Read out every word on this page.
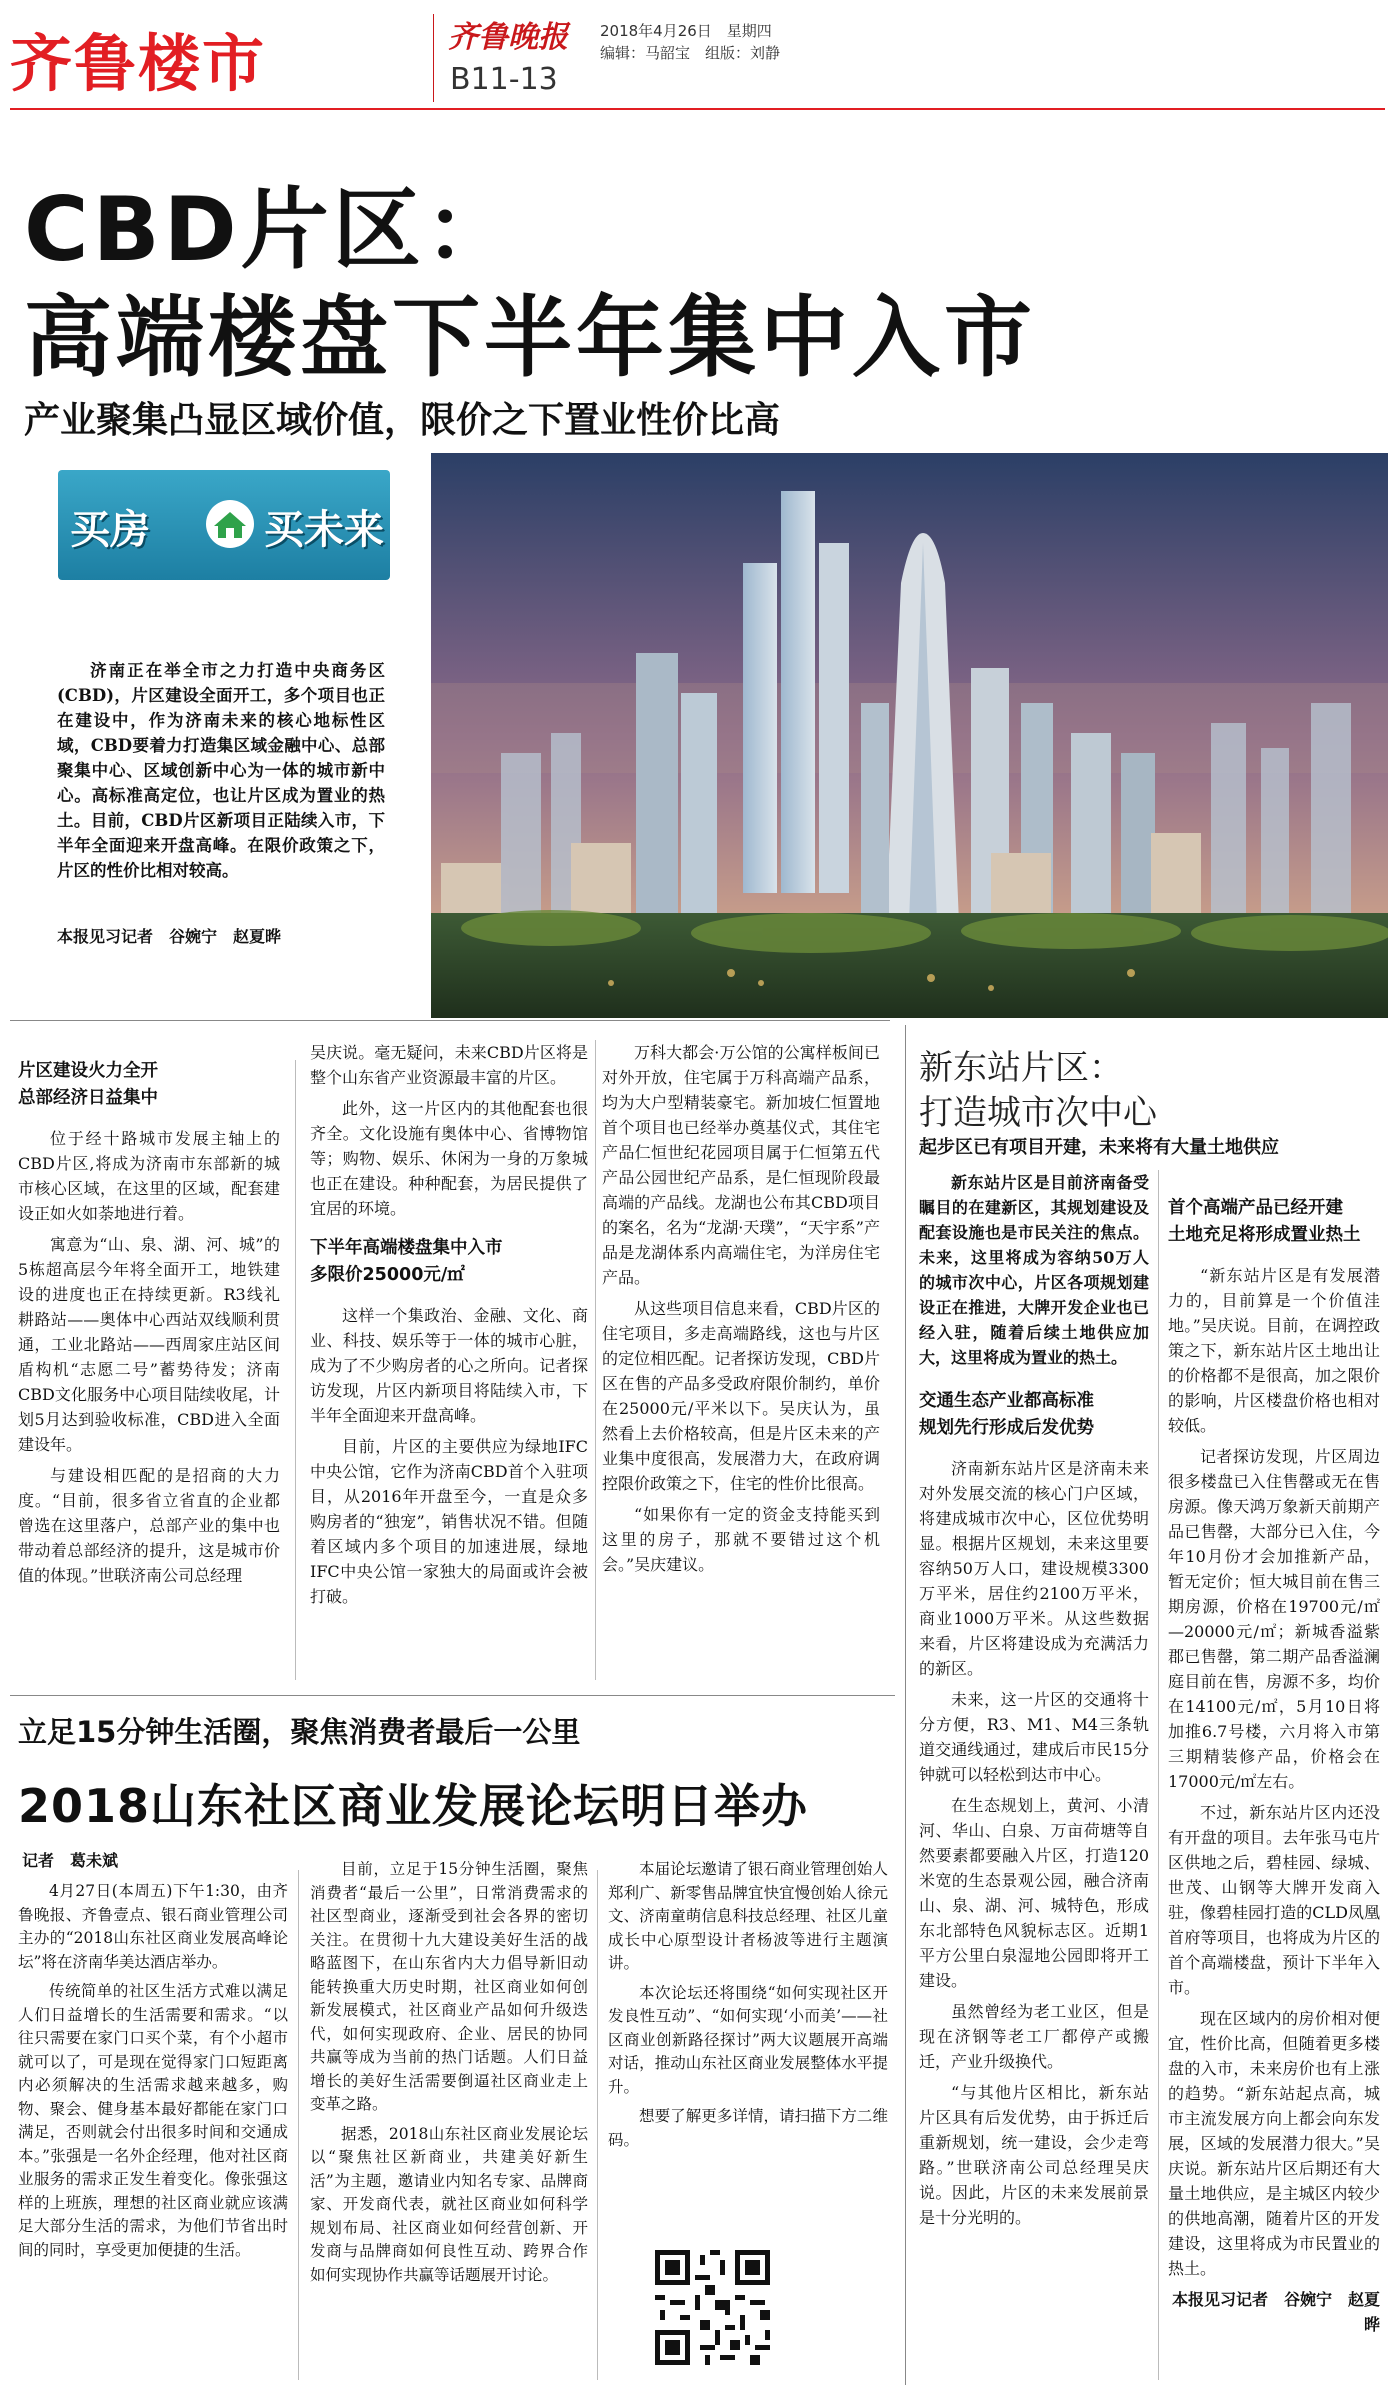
齐鲁楼市	齐鲁晚报
B11-13
2018年4月26日　星期四
编辑：马韶宝　组版：刘静
CBD片区：
高端楼盘下半年集中入市
产业聚集凸显区域价值，限价之下置业性价比高
买房	买未来

济南正在举全市之力打造中央商务区(CBD)，片区建设全面开工，多个项目也正在建设中，作为济南未来的核心地标性区域，CBD要着力打造集区域金融中心、总部聚集中心、区域创新中心为一体的城市新中心。高标准高定位，也让片区成为置业的热土。目前，CBD片区新项目正陆续入市，下半年全面迎来开盘高峰。在限价政策之下，片区的性价比相对较高。

本报见习记者　谷婉宁　赵夏晔
片区建设火力全开
总部经济日益集中

位于经十路城市发展主轴上的CBD片区,将成为济南市东部新的城市核心区域，在这里的区域，配套建设正如火如荼地进行着。

寓意为“山、泉、湖、河、城”的5栋超高层今年将全面开工，地铁建设的进度也正在持续更新。R3线礼耕路站——奥体中心西站双线顺利贯通，工业北路站——西周家庄站区间盾构机“志愿二号”蓄势待发；济南CBD文化服务中心项目陆续收尾，计划5月达到验收标准，CBD进入全面建设年。

与建设相匹配的是招商的大力度。“目前，很多省立省直的企业都曾选在这里落户，总部产业的集中也带动着总部经济的提升，这是城市价值的体现。”世联济南公司总经理

吴庆说。毫无疑问，未来CBD片区将是整个山东省产业资源最丰富的片区。

此外，这一片区内的其他配套也很齐全。文化设施有奥体中心、省博物馆等；购物、娱乐、休闲为一身的万象城也正在建设。种种配套，为居民提供了宜居的环境。

下半年高端楼盘集中入市
多限价25000元/㎡

这样一个集政治、金融、文化、商业、科技、娱乐等于一体的城市心脏，成为了不少购房者的心之所向。记者探访发现，片区内新项目将陆续入市，下半年全面迎来开盘高峰。

目前，片区的主要供应为绿地IFC中央公馆，它作为济南CBD首个入驻项目，从2016年开盘至今，一直是众多购房者的“独宠”，销售状况不错。但随着区域内多个项目的加速进展，绿地IFC中央公馆一家独大的局面或许会被打破。

万科大都会·万公馆的公寓样板间已对外开放，住宅属于万科高端产品系，均为大户型精装豪宅。新加坡仁恒置地首个项目也已经举办奠基仪式，其住宅产品仁恒世纪花园项目属于仁恒第五代产品公园世纪产品系，是仁恒现阶段最高端的产品线。龙湖也公布其CBD项目的案名，名为“龙湖·天璞”，“天宇系”产品是龙湖体系内高端住宅，为洋房住宅产品。

从这些项目信息来看，CBD片区的住宅项目，多走高端路线，这也与片区的定位相匹配。记者探访发现，CBD片区在售的产品多受政府限价制约，单价在25000元/平米以下。吴庆认为，虽然看上去价格较高，但是片区未来的产业集中度很高，发展潜力大，在政府调控限价政策之下，住宅的性价比很高。

“如果你有一定的资金支持能买到这里的房子，那就不要错过这个机会。”吴庆建议。

新东站片区：
打造城市次中心
起步区已有项目开建，未来将有大量土地供应

新东站片区是目前济南备受瞩目的在建新区，其规划建设及配套设施也是市民关注的焦点。未来，这里将成为容纳50万人的城市次中心，片区各项规划建设正在推进，大牌开发企业也已经入驻，随着后续土地供应加大，这里将成为置业的热土。

交通生态产业都高标准
规划先行形成后发优势

济南新东站片区是济南未来对外发展交流的核心门户区域，将建成城市次中心，区位优势明显。根据片区规划，未来这里要容纳50万人口，建设规模3300万平米，居住约2100万平米，商业1000万平米。从这些数据来看，片区将建设成为充满活力的新区。

未来，这一片区的交通将十分方便，R3、M1、M4三条轨道交通线通过，建成后市民15分钟就可以轻松到达市中心。

在生态规划上，黄河、小清河、华山、白泉、万亩荷塘等自然要素都要融入片区，打造120米宽的生态景观公园，融合济南山、泉、湖、河、城特色，形成东北部特色风貌标志区。近期1平方公里白泉湿地公园即将开工建设。

虽然曾经为老工业区，但是现在济钢等老工厂都停产或搬迁，产业升级换代。

“与其他片区相比，新东站片区具有后发优势，由于拆迁后重新规划，统一建设，会少走弯路。”世联济南公司总经理吴庆说。因此，片区的未来发展前景是十分光明的。

首个高端产品已经开建
土地充足将形成置业热土

“新东站片区是有发展潜力的，目前算是一个价值洼地。”吴庆说。目前，在调控政策之下，新东站片区土地出让的价格都不是很高，加之限价的影响，片区楼盘价格也相对较低。

记者探访发现，片区周边很多楼盘已入住售罄或无在售房源。像天鸿万象新天前期产品已售罄，大部分已入住，今年10月份才会加推新产品，暂无定价；恒大城目前在售三期房源，价格在19700元/㎡—20000元/㎡；新城香溢紫郡已售罄，第二期产品香溢澜庭目前在售，房源不多，均价在14100元/㎡，5月10日将加推6.7号楼，六月将入市第三期精装修产品，价格会在17000元/㎡左右。

不过，新东站片区内还没有开盘的项目。去年张马屯片区供地之后，碧桂园、绿城、世茂、山钢等大牌开发商入驻，像碧桂园打造的CLD凤凰首府等项目，也将成为片区的首个高端楼盘，预计下半年入市。

现在区域内的房价相对便宜，性价比高，但随着更多楼盘的入市，未来房价也有上涨的趋势。“新东站起点高，城市主流发展方向上都会向东发展，区域的发展潜力很大。”吴庆说。新东站片区后期还有大量土地供应，是主城区内较少的供地高潮，随着片区的开发建设，这里将成为市民置业的热土。

本报见习记者　谷婉宁　赵夏晔

立足15分钟生活圈，聚焦消费者最后一公里
2018山东社区商业发展论坛明日举办
记者　葛未斌

4月27日(本周五)下午1:30，由齐鲁晚报、齐鲁壹点、银石商业管理公司主办的“2018山东社区商业发展高峰论坛”将在济南华美达酒店举办。

传统简单的社区生活方式难以满足人们日益增长的生活需要和需求。“以往只需要在家门口买个菜，有个小超市就可以了，可是现在觉得家门口短距离内必须解决的生活需求越来越多，购物、聚会、健身基本最好都能在家门口满足，否则就会付出很多时间和交通成本。”张强是一名外企经理，他对社区商业服务的需求正发生着变化。像张强这样的上班族，理想的社区商业就应该满足大部分生活的需求，为他们节省出时间的同时，享受更加便捷的生活。

目前，立足于15分钟生活圈，聚焦消费者“最后一公里”，日常消费需求的社区型商业，逐渐受到社会各界的密切关注。在贯彻十九大建设美好生活的战略蓝图下，在山东省内大力倡导新旧动能转换重大历史时期，社区商业如何创新发展模式，社区商业产品如何升级迭代，如何实现政府、企业、居民的协同共赢等成为当前的热门话题。人们日益增长的美好生活需要倒逼社区商业走上变革之路。

据悉，2018山东社区商业发展论坛以“聚焦社区新商业，共建美好新生活”为主题，邀请业内知名专家、品牌商家、开发商代表，就社区商业如何科学规划布局、社区商业如何经营创新、开发商与品牌商如何良性互动、跨界合作如何实现协作共赢等话题展开讨论。

本届论坛邀请了银石商业管理创始人郑利广、新零售品牌宜快宜慢创始人徐元文、济南童萌信息科技总经理、社区儿童成长中心原型设计者杨波等进行主题演讲。

本次论坛还将围绕“如何实现社区开发良性互动”、“如何实现‘小而美’——社区商业创新路径探讨”两大议题展开高端对话，推动山东社区商业发展整体水平提升。

想要了解更多详情，请扫描下方二维码。
